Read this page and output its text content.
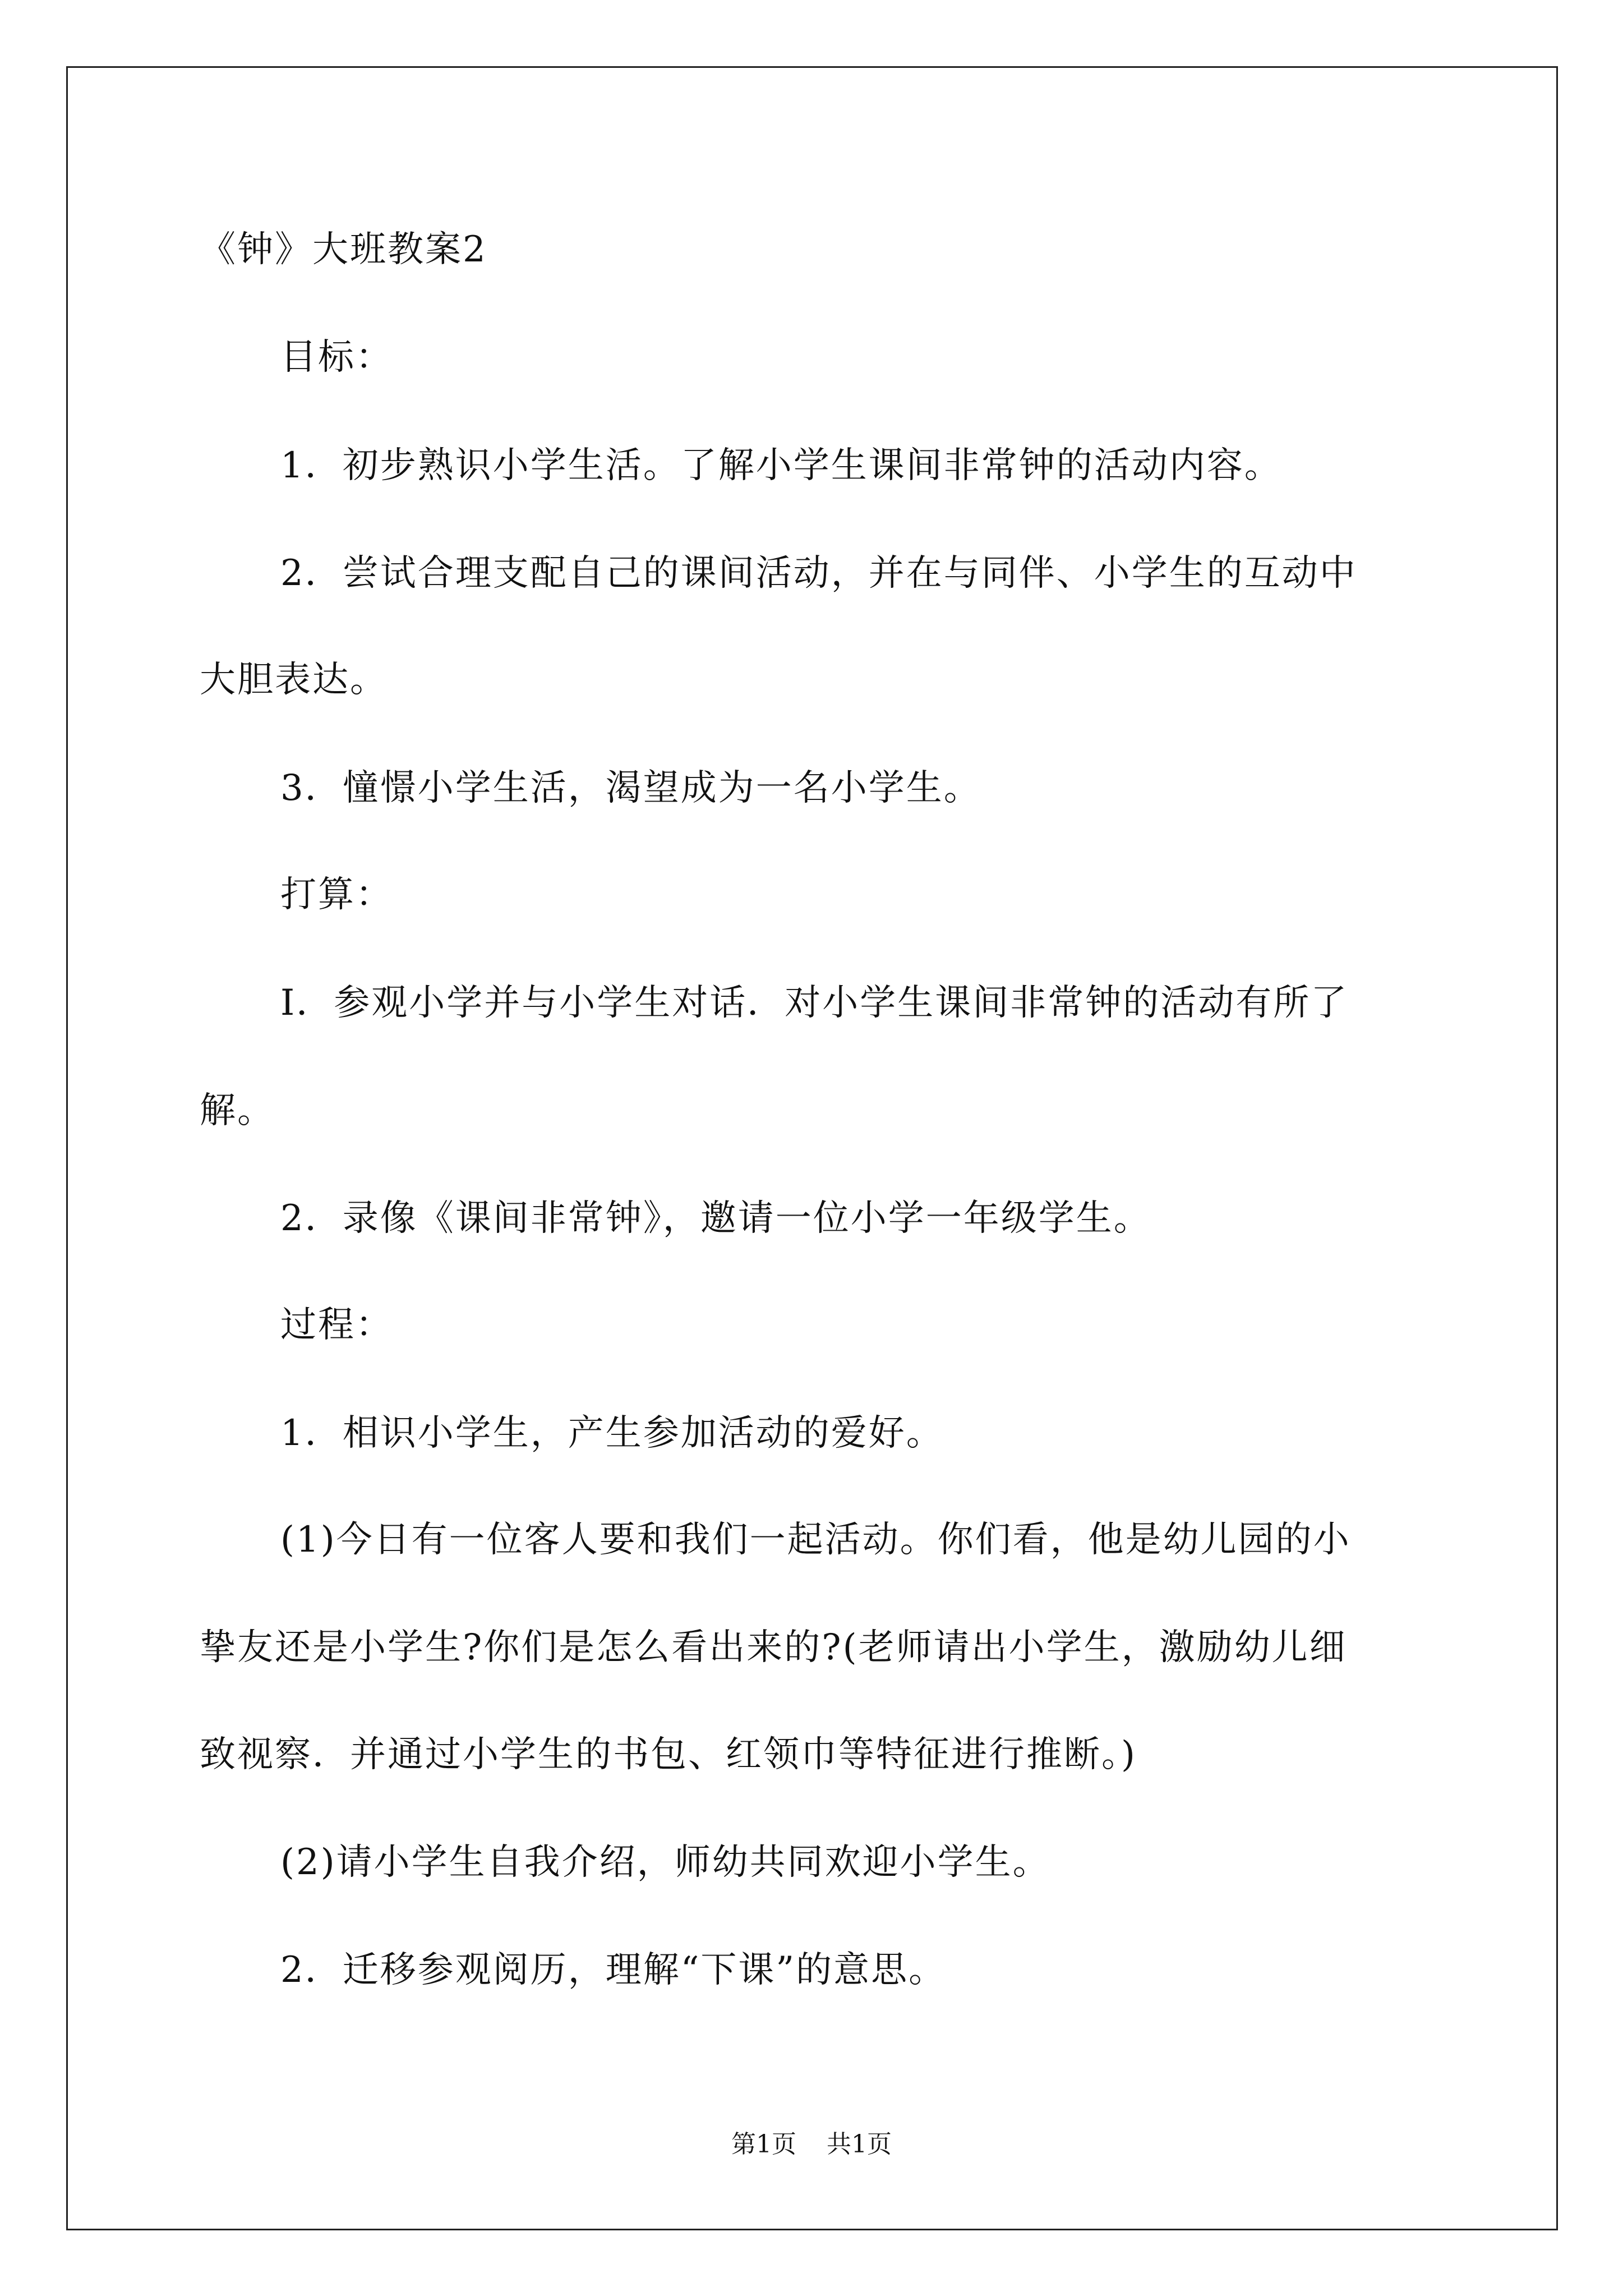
《钟》大班教案2
目标：
1．初步熟识小学生活。了解小学生课间非常钟的活动内容。
2．尝试合理支配自己的课间活动，并在与同伴、小学生的互动中
大胆表达。
3．憧憬小学生活，渴望成为一名小学生。
打算：
I．参观小学并与小学生对话．对小学生课间非常钟的活动有所了
解。
2．录像《课间非常钟》，邀请一位小学一年级学生。
过程：
1．相识小学生，产生参加活动的爱好。
(1)今日有一位客人要和我们一起活动。你们看，他是幼儿园的小
挚友还是小学生?你们是怎么看出来的?(老师请出小学生，激励幼儿细
致视察．并通过小学生的书包、红领巾等特征进行推断。)
(2)请小学生自我介绍，师幼共同欢迎小学生。
2．迁移参观阅历，理解“下课”的意思。
第1页 共1页
